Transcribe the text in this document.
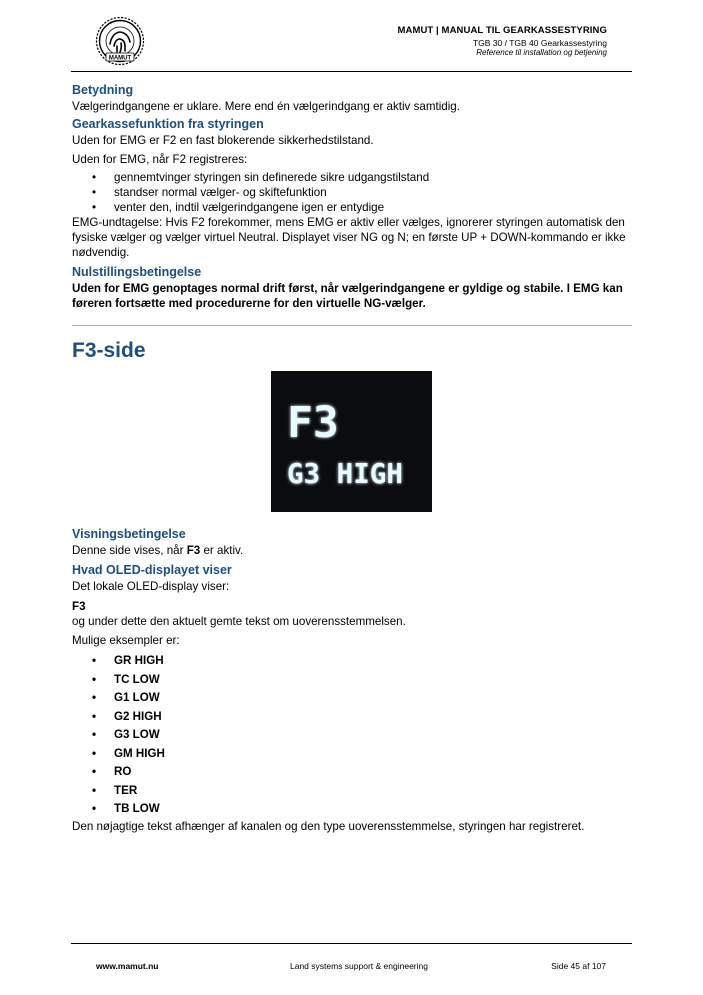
MAMUT
MAMUT | MANUAL TIL GEARKASSESTYRING
TGB 30 / TGB 40 Gearkassestyring
Reference til installation og betjening

Betydning

Vælgerindgangene er uklare. Mere end én vælgerindgang er aktiv samtidig.

Gearkassefunktion fra styringen

Uden for EMG er F2 en fast blokerende sikkerhedstilstand.

Uden for EMG, når F2 registreres:

• gennemtvinger styringen sin definerede sikre udgangstilstand
• standser normal vælger- og skiftefunktion
• venter den, indtil vælgerindgangene igen er entydige

EMG-undtagelse: Hvis F2 forekommer, mens EMG er aktiv eller vælges, ignorerer styringen automatisk den fysiske vælger og vælger virtuel Neutral. Displayet viser NG og N; en første UP + DOWN-kommando er ikke nødvendig.

Nulstillingsbetingelse

Uden for EMG genoptages normal drift først, når vælgerindgangene er gyldige og stabile. I EMG kan føreren fortsætte med procedurerne for den virtuelle NG-vælger.

F3-side
F3
G3 HIGH

Visningsbetingelse

Denne side vises, når F3 er aktiv.

Hvad OLED-displayet viser

Det lokale OLED-display viser:

F3

og under dette den aktuelt gemte tekst om uoverensstemmelsen.

Mulige eksempler er:

• GR HIGH
• TC LOW
• G1 LOW
• G2 HIGH
• G3 LOW
• GM HIGH
• RO
• TER
• TB LOW

Den nøjagtige tekst afhænger af kanalen og den type uoverensstemmelse, styringen har registreret.

www.mamut.nu	Land systems support & engineering	Side 45 af 107
